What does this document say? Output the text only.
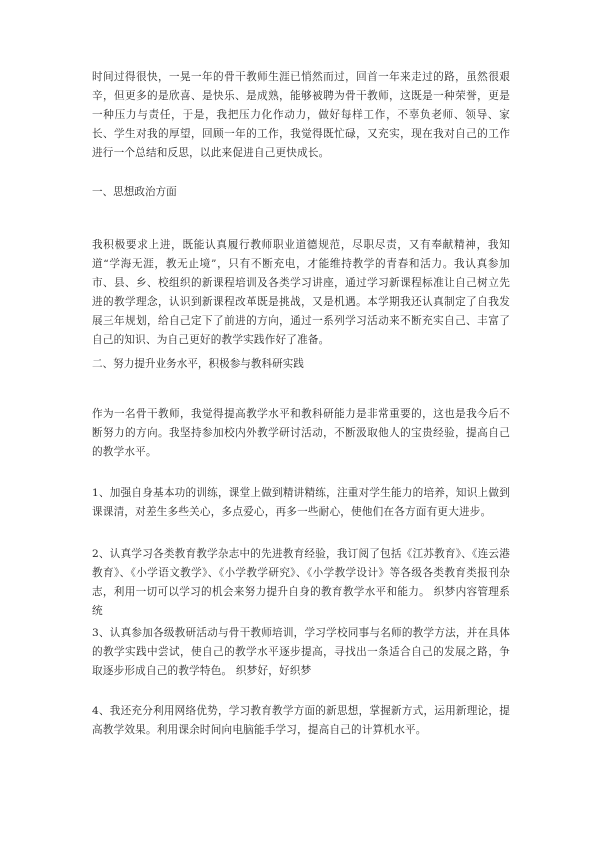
时间过得很快，一晃一年的骨干教师生涯已悄然而过，回首一年来走过的路，虽然很艰辛，但更多的是欣喜、是快乐、是成熟，能够被聘为骨干教师，这既是一种荣誉，更是一种压力与责任，于是，我把压力化作动力，做好每样工作，不辜负老师、领导、家长、学生对我的厚望，回顾一年的工作，我觉得既忙碌，又充实，现在我对自己的工作进行一个总结和反思，以此来促进自己更快成长。

一、思想政治方面

我积极要求上进，既能认真履行教师职业道德规范，尽职尽责，又有奉献精神，我知道“学海无涯，教无止境”，只有不断充电，才能维持教学的青春和活力。我认真参加市、县、乡、校组织的新课程培训及各类学习讲座，通过学习新课程标准让自己树立先进的教学理念，认识到新课程改革既是挑战，又是机遇。本学期我还认真制定了自我发展三年规划，给自己定下了前进的方向，通过一系列学习活动来不断充实自己、丰富了自己的知识、为自己更好的教学实践作好了准备。

二、努力提升业务水平，积极参与教科研实践

作为一名骨干教师，我觉得提高教学水平和教科研能力是非常重要的，这也是我今后不断努力的方向。我坚持参加校内外教学研讨活动，不断汲取他人的宝贵经验，提高自己的教学水平。

1、加强自身基本功的训练，课堂上做到精讲精练，注重对学生能力的培养，知识上做到课课清，对差生多些关心，多点爱心，再多一些耐心，使他们在各方面有更大进步。

2、认真学习各类教育教学杂志中的先进教育经验，我订阅了包括《江苏教育》、《连云港教育》、《小学语文教学》、《小学教学研究》、《小学教学设计》等各级各类教育类报刊杂志，利用一切可以学习的机会来努力提升自身的教育教学水平和能力。 织梦内容管理系统

3、认真参加各级教研活动与骨干教师培训，学习学校同事与名师的教学方法，并在具体的教学实践中尝试，使自己的教学水平逐步提高，寻找出一条适合自己的发展之路，争取逐步形成自己的教学特色。 织梦好，好织梦

4、我还充分利用网络优势，学习教育教学方面的新思想，掌握新方式，运用新理论，提高教学效果。利用课余时间向电脑能手学习，提高自己的计算机水平。
